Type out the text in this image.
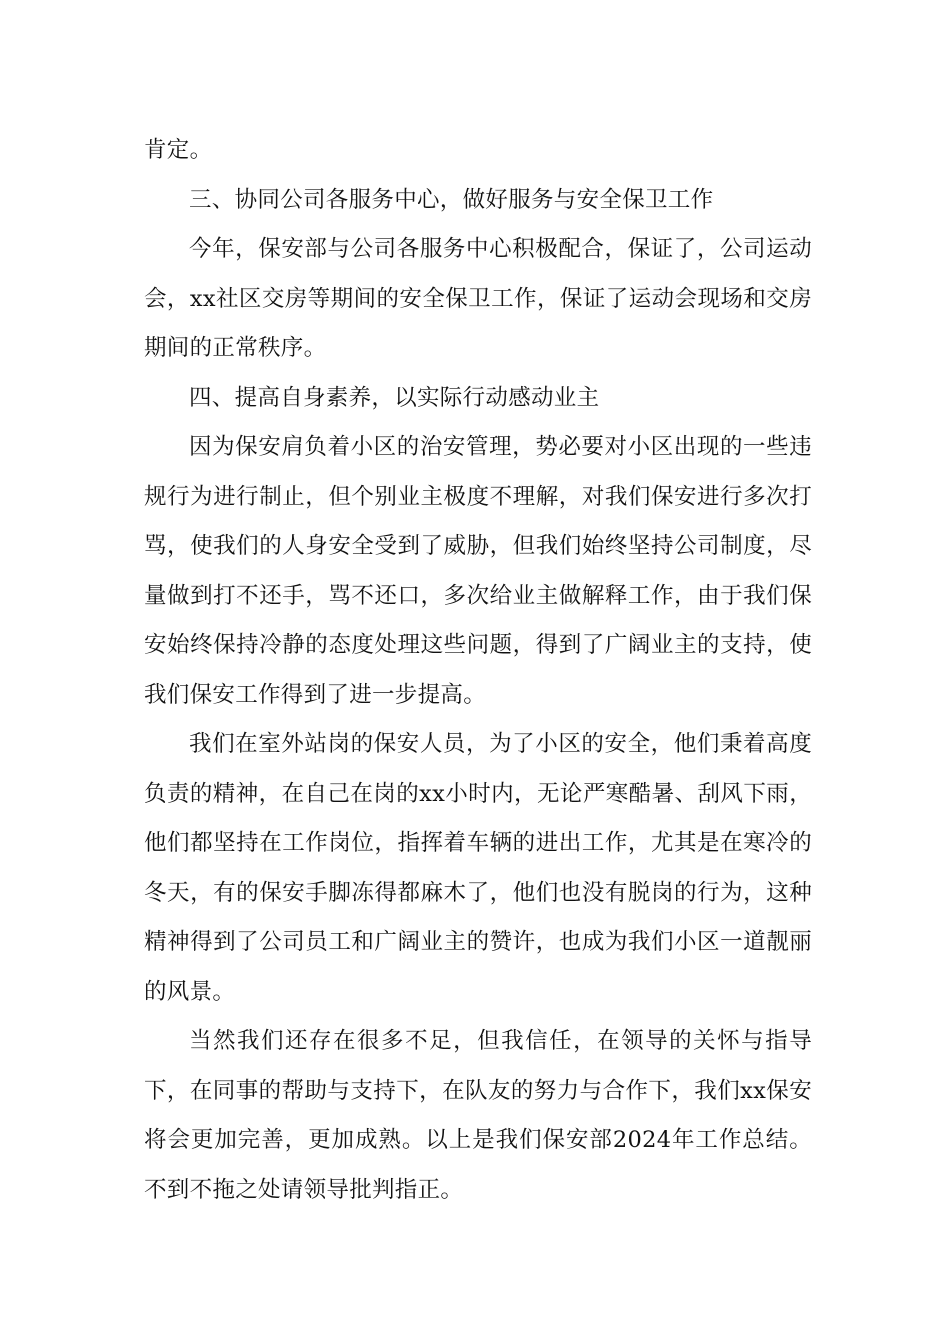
肯定。

三、协同公司各服务中心，做好服务与安全保卫工作

今年，保安部与公司各服务中心积极配合，保证了，公司运动会，xx社区交房等期间的安全保卫工作，保证了运动会现场和交房期间的正常秩序。

四、提高自身素养，以实际行动感动业主

因为保安肩负着小区的治安管理，势必要对小区出现的一些违规行为进行制止，但个别业主极度不理解，对我们保安进行多次打骂，使我们的人身安全受到了威胁，但我们始终坚持公司制度，尽量做到打不还手，骂不还口，多次给业主做解释工作，由于我们保安始终保持冷静的态度处理这些问题，得到了广阔业主的支持，使我们保安工作得到了进一步提高。

我们在室外站岗的保安人员，为了小区的安全，他们秉着高度负责的精神，在自己在岗的xx小时内，无论严寒酷暑、刮风下雨，他们都坚持在工作岗位，指挥着车辆的进出工作，尤其是在寒冷的冬天，有的保安手脚冻得都麻木了，他们也没有脱岗的行为，这种精神得到了公司员工和广阔业主的赞许，也成为我们小区一道靓丽的风景。

当然我们还存在很多不足，但我信任，在领导的关怀与指导下，在同事的帮助与支持下，在队友的努力与合作下，我们xx保安将会更加完善，更加成熟。以上是我们保安部2024年工作总结。不到不拖之处请领导批判指正。
